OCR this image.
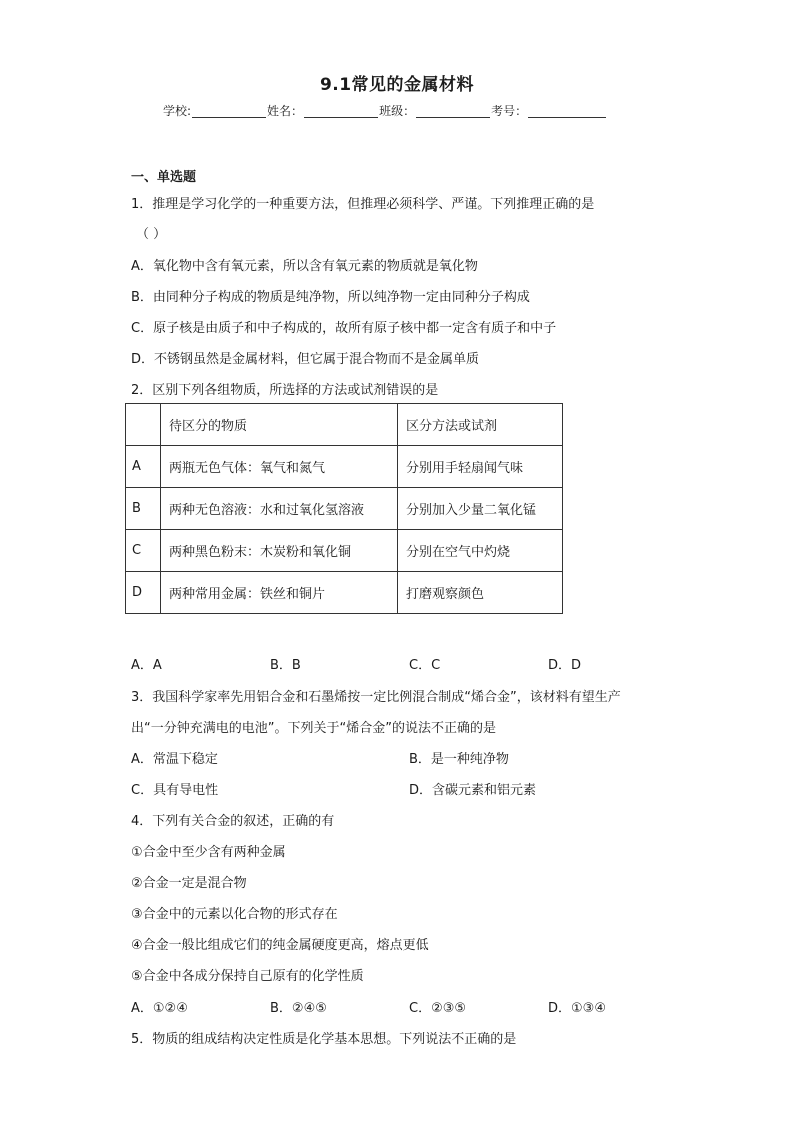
9.1常见的金属材料
学校:	姓名：	班级：	考号：
一、单选题
1．推理是学习化学的一种重要方法，但推理必须科学、严谨。下列推理正确的是
（ ）
A．氧化物中含有氧元素，所以含有氧元素的物质就是氧化物
B．由同种分子构成的物质是纯净物，所以纯净物一定由同种分子构成
C．原子核是由质子和中子构成的，故所有原子核中都一定含有质子和中子
D．不锈钢虽然是金属材料，但它属于混合物而不是金属单质
2．区别下列各组物质，所选择的方法或试剂错误的是
	待区分的物质	区分方法或试剂
A	两瓶无色气体：氧气和氮气	分别用手轻扇闻气味
B	两种无色溶液：水和过氧化氢溶液	分别加入少量二氧化锰
C	两种黑色粉末：木炭粉和氧化铜	分别在空气中灼烧
D	两种常用金属：铁丝和铜片	打磨观察颜色
A．A	B．B	C．C	D．D
3．我国科学家率先用铝合金和石墨烯按一定比例混合制成“烯合金”，该材料有望生产
出“一分钟充满电的电池”。下列关于“烯合金”的说法不正确的是
A．常温下稳定	B．是一种纯净物
C．具有导电性	D．含碳元素和铝元素
4．下列有关合金的叙述，正确的有
①合金中至少含有两种金属
②合金一定是混合物
③合金中的元素以化合物的形式存在
④合金一般比组成它们的纯金属硬度更高，熔点更低
⑤合金中各成分保持自己原有的化学性质
A．①②④	B．②④⑤	C．②③⑤	D．①③④
5．物质的组成结构决定性质是化学基本思想。下列说法不正确的是
